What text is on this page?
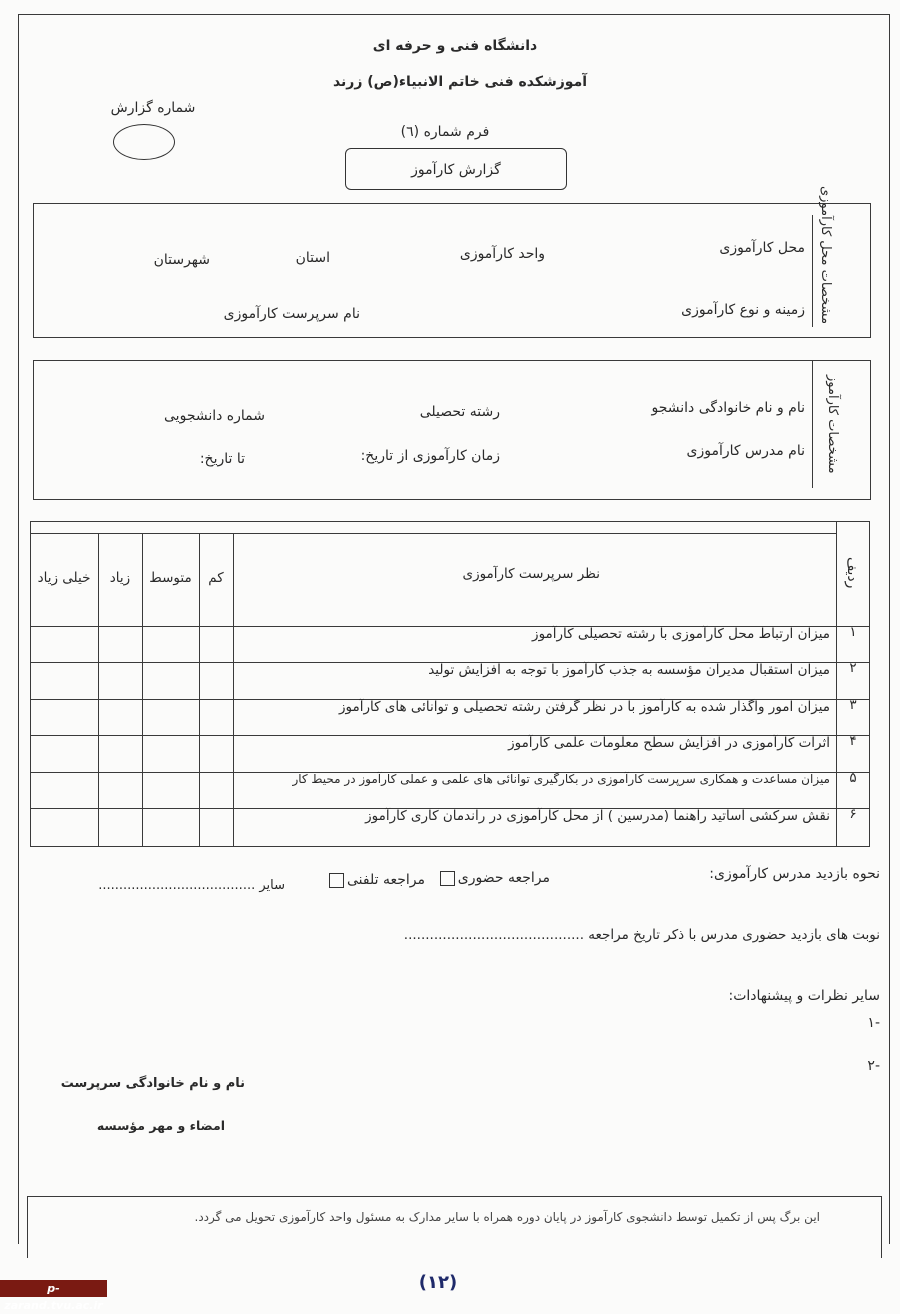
دانشگاه فنی و حرفه ای
آموزشکده فنی خاتم الانبیاء(ص) زرند
شماره گزارش
فرم شماره (٦)
گزارش کارآموز
مشخصات محل کارآموزی
محل کارآموزی
واحد کارآموزی
استان
شهرستان
زمینه و نوع کارآموزی
نام سرپرست کارآموزی
مشخصات کارآموز
نام و نام خانوادگی دانشجو
رشته تحصیلی
شماره دانشجویی
نام مدرس کارآموزی
زمان کارآموزی از تاریخ:
تا تاریخ:
ردیف
نظر سرپرست کارآموزی
کم
متوسط
زیاد
خیلی زیاد
١
میزان ارتباط محل کارآموزی با رشته تحصیلی کارآموز
٢
میزان استقبال مدیران مؤسسه به جذب کارآموز با توجه به افزایش تولید
٣
میزان امور واگذار شده به کارآموز با در نظر گرفتن رشته تحصیلی و توانائی های کارآموز
۴
اثرات کارآموزی در افزایش سطح معلومات علمی کارآموز
۵
میزان مساعدت و همکاری سرپرست کارآموزی در بکارگیری توانائی های علمی و عملی کارآموز در محیط کار
۶
نقش سرکشی اساتید راهنما (مدرسین ) از محل کارآموزی در راندمان کاری کارآموز
نحوه بازدید مدرس کارآموزی:
مراجعه حضوری
مراجعه تلفنی
سایر ......................................
نوبت های بازدید حضوری مدرس با ذکر تاریخ مراجعه ..........................................
سایر نظرات و پیشنهادات:
-١
-٢
نام و نام خانوادگی سرپرست
امضاء و مهر مؤسسه
این برگ پس از تکمیل توسط دانشجوی کارآموز در پایان دوره همراه با سایر مدارک به مسئول واحد کارآموزی تحویل می گردد.
(١٢)
p-zarand.tvu.ac.ir
